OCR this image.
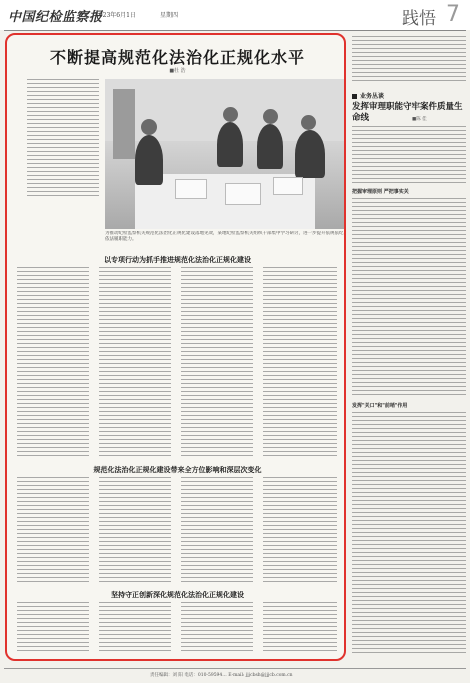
中国纪检监察报
2023年6月1日	星期四	践悟 7
不断提高规范化法治化正规化水平
■杜 浩
为推动纪检监察机关规范化法治化正规化建设落地见效，某地纪检监察机关组织干部集中学习研讨，进一步提升依规依纪依法履职能力。
以专项行动为抓手推进规范化法治化正规化建设
规范化法治化正规化建设带来全方位影响和深层次变化
坚持守正创新深化规范化法治化正规化建设
业务丛谈
发挥审理职能守牢案件质量生命线	■陈 佳
把握审理原则 严把事实关
发挥"关口"和"前哨"作用
责任编辑：刘 阳 电话：010-59594… E-mail: jjjcbsh@jjjcb.com.cn
